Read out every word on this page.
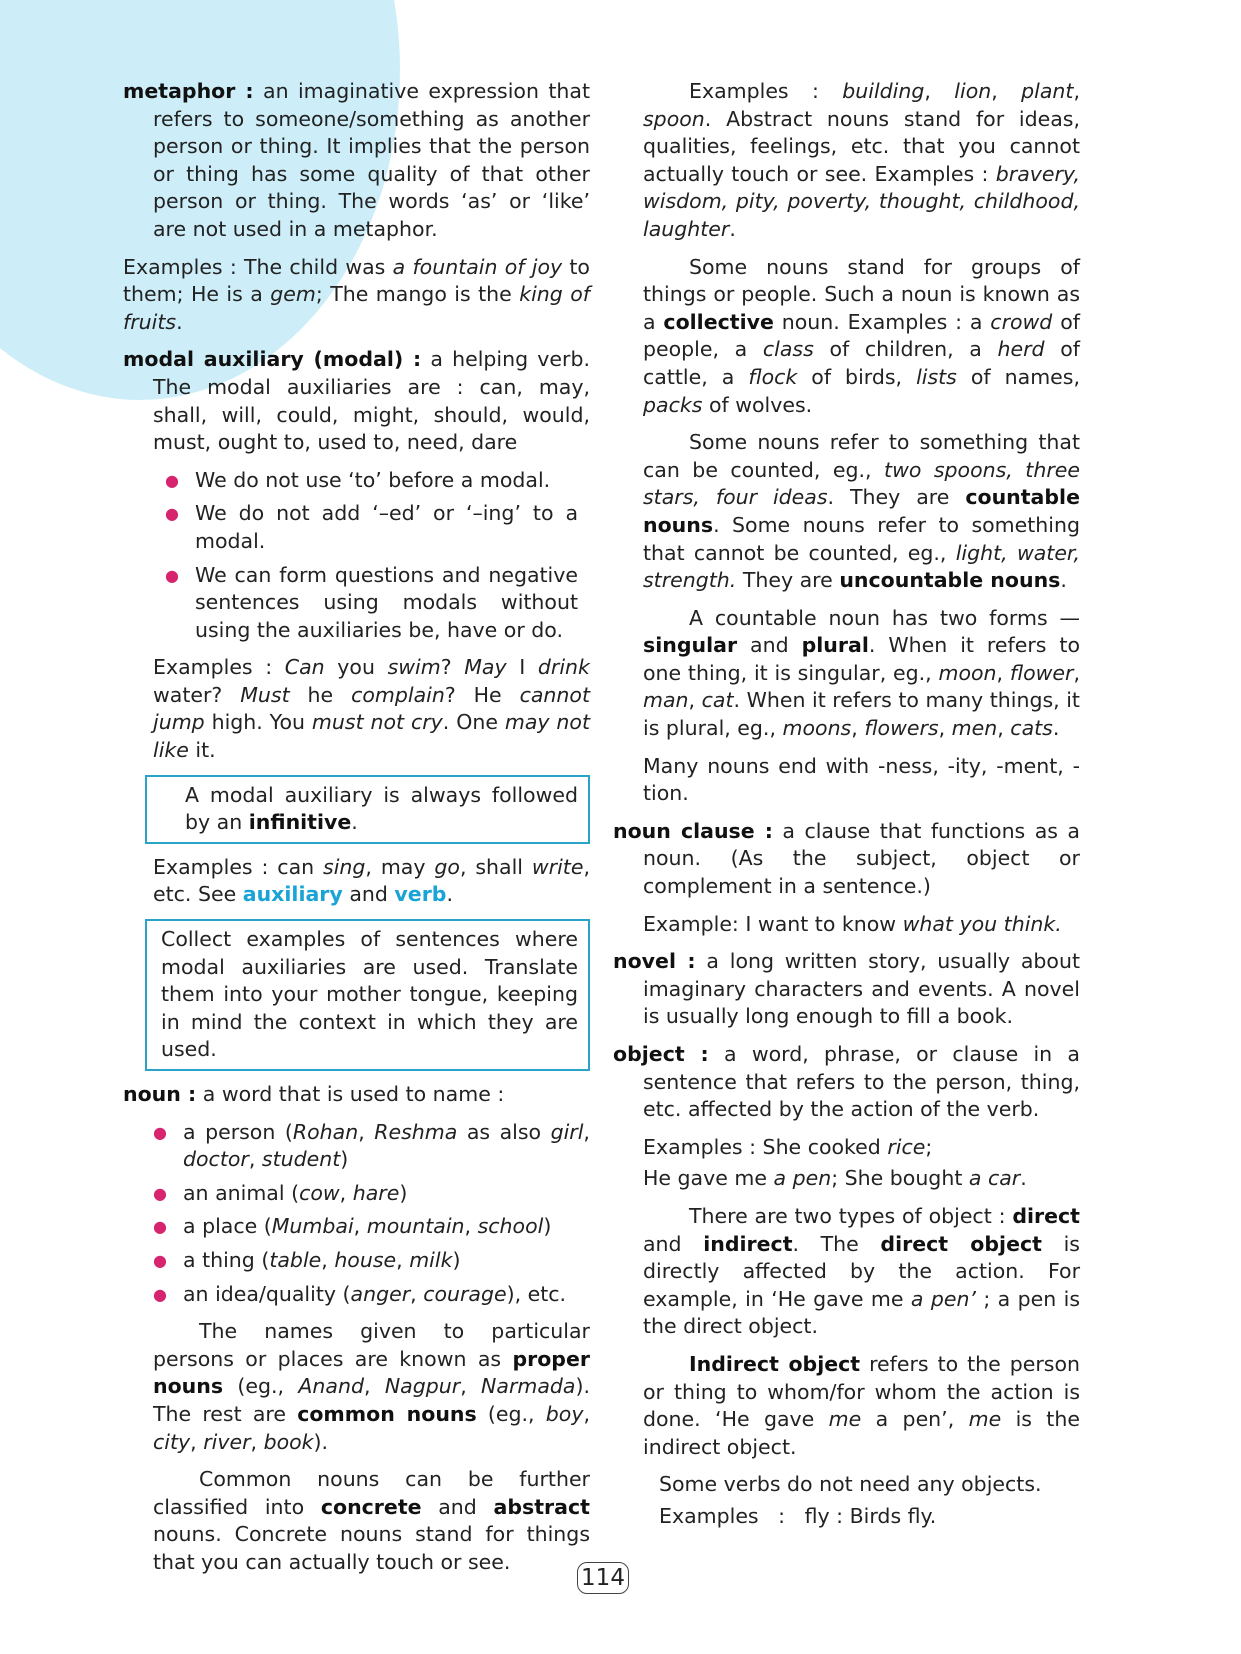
metaphor : an imaginative expression that refers to someone/something as another person or thing. It implies that the person or thing has some quality of that other person or thing. The words ‘as’ or ‘like’ are not used in a metaphor.

Examples : The child was a fountain of joy to them; He is a gem; The mango is the king of fruits.

modal auxiliary (modal) : a helping verb. The modal auxiliaries are : can, may, shall, will, could, might, should, would, must, ought to, used to, need, dare

● We do not use ‘to’ before a modal.
● We do not add ‘–ed’ or ‘–ing’ to a modal.
● We can form questions and negative sentences using modals without using the auxiliaries be, have or do.

Examples : Can you swim? May I drink water? Must he complain? He cannot jump high. You must not cry. One may not like it.

A modal auxiliary is always followed by an infinitive.

Examples : can sing, may go, shall write, etc. See auxiliary and verb.

Collect examples of sentences where modal auxiliaries are used. Translate them into your mother tongue, keeping in mind the context in which they are used.

noun : a word that is used to name :

● a person (Rohan, Reshma as also girl, doctor, student)
● an animal (cow, hare)
● a place (Mumbai, mountain, school)
● a thing (table, house, milk)
● an idea/quality (anger, courage), etc.

The names given to particular persons or places are known as proper nouns (eg., Anand, Nagpur, Narmada). The rest are common nouns (eg., boy, city, river, book).

Common nouns can be further classified into concrete and abstract nouns. Concrete nouns stand for things that you can actually touch or see.

Examples : building, lion, plant, spoon. Abstract nouns stand for ideas, qualities, feelings, etc. that you cannot actually touch or see. Examples : bravery, wisdom, pity, poverty, thought, childhood, laughter.

Some nouns stand for groups of things or people. Such a noun is known as a collective noun. Examples : a crowd of people, a class of children, a herd of cattle, a flock of birds, lists of names, packs of wolves.

Some nouns refer to something that can be counted, eg., two spoons, three stars, four ideas. They are countable nouns. Some nouns refer to something that cannot be counted, eg., light, water, strength. They are uncountable nouns.

A countable noun has two forms — singular and plural. When it refers to one thing, it is singular, eg., moon, flower, man, cat. When it refers to many things, it is plural, eg., moons, flowers, men, cats.

Many nouns end with -ness, -ity, -ment, -tion.

noun clause : a clause that functions as a noun. (As the subject, object or complement in a sentence.)

Example: I want to know what you think.

novel : a long written story, usually about imaginary characters and events. A novel is usually long enough to fill a book.

object : a word, phrase, or clause in a sentence that refers to the person, thing, etc. affected by the action of the verb.

Examples : She cooked rice;

He gave me a pen; She bought a car.

There are two types of object : direct and indirect. The direct object is directly affected by the action. For example, in ‘He gave me a pen’ ; a pen is the direct object.

Indirect object refers to the person or thing to whom/for whom the action is done. ‘He gave me a pen’, me is the indirect object.

Some verbs do not need any objects.

Examples   :   fly : Birds fly.

114
